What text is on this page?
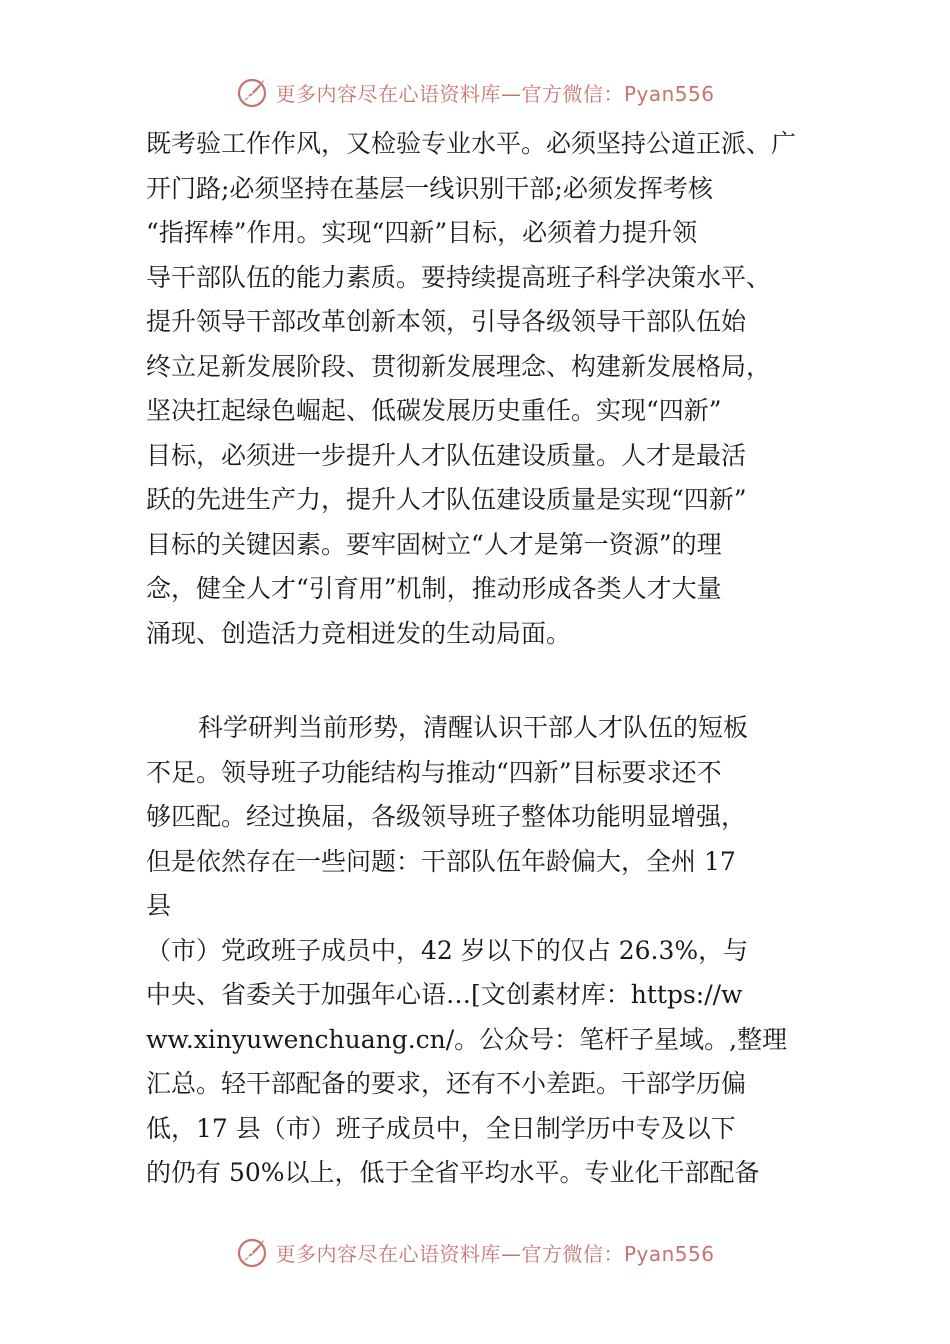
更多内容尽在心语资料库—官方微信：Pyan556
既考验工作作风，又检验专业水平。必须坚持公道正派、广
开门路;必须坚持在基层一线识别干部;必须发挥考核
“指挥棒”作用。实现“四新”目标，必须着力提升领
导干部队伍的能力素质。要持续提高班子科学决策水平、
提升领导干部改革创新本领，引导各级领导干部队伍始
终立足新发展阶段、贯彻新发展理念、构建新发展格局，
坚决扛起绿色崛起、低碳发展历史重任。实现“四新”
目标，必须进一步提升人才队伍建设质量。人才是最活
跃的先进生产力，提升人才队伍建设质量是实现“四新”
目标的关键因素。要牢固树立“人才是第一资源”的理
念，健全人才“引育用”机制，推动形成各类人才大量
涌现、创造活力竞相迸发的生动局面。
科学研判当前形势，清醒认识干部人才队伍的短板
不足。领导班子功能结构与推动“四新”目标要求还不
够匹配。经过换届，各级领导班子整体功能明显增强，
但是依然存在一些问题：干部队伍年龄偏大，全州 17
县
（市）党政班子成员中，42 岁以下的仅占 26.3%，与
中央、省委关于加强年心语…[文创素材库：https://w
ww.xinyuwenchuang.cn/。公众号：笔杆子星域。,整理
汇总。轻干部配备的要求，还有不小差距。干部学历偏
低，17 县（市）班子成员中，全日制学历中专及以下
的仍有 50%以上，低于全省平均水平。专业化干部配备
更多内容尽在心语资料库—官方微信：Pyan556
